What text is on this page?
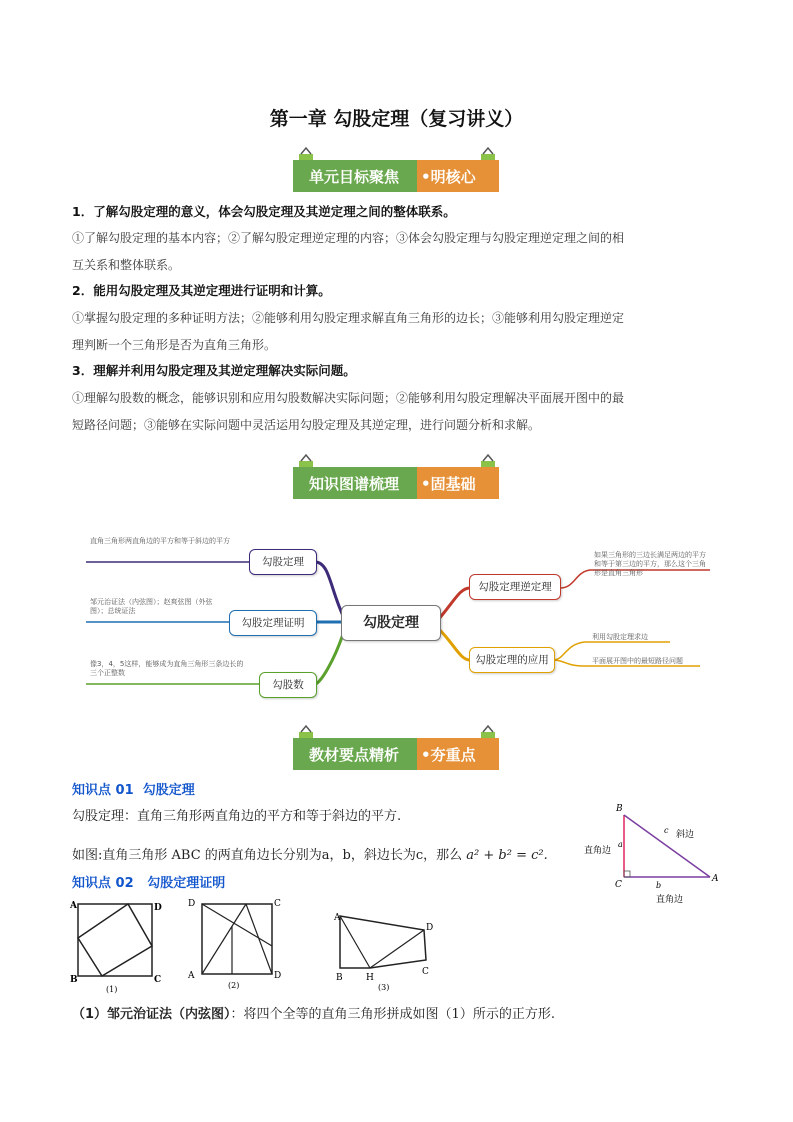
第一章 勾股定理（复习讲义）
单元目标聚焦 •明核心
1．了解勾股定理的意义，体会勾股定理及其逆定理之间的整体联系。
①了解勾股定理的基本内容；②了解勾股定理逆定理的内容；③体会勾股定理与勾股定理逆定理之间的相
互关系和整体联系。
2．能用勾股定理及其逆定理进行证明和计算。
①掌握勾股定理的多种证明方法；②能够利用勾股定理求解直角三角形的边长；③能够利用勾股定理逆定
理判断一个三角形是否为直角三角形。
3．理解并利用勾股定理及其逆定理解决实际问题。
①理解勾股数的概念，能够识别和应用勾股数解决实际问题；②能够利用勾股定理解决平面展开图中的最
短路径问题；③能够在实际问题中灵活运用勾股定理及其逆定理，进行问题分析和求解。
知识图谱梳理 •固基础
勾股定理
勾股定理
勾股定理证明
勾股数
勾股定理逆定理
勾股定理的应用
直角三角形两直角边的平方和等于斜边的平方
邹元治证法（内弦图）；赵爽弦图（外弦图）；总统证法
像3，4，5这样，能够成为直角三角形三条边长的三个正整数
如果三角形的三边长满足两边的平方和等于第三边的平方，那么这个三角形是直角三角形
利用勾股定理求边
平面展开图中的最短路径问题
教材要点精析 •夯重点
知识点 01 勾股定理
勾股定理：直角三角形两直角边的平方和等于斜边的平方.
如图:直角三角形 ABC 的两直角边长分别为a，b，斜边长为c，那么 a² + b² = c².
B
C
A
a
b
c 斜边
直角边
直角边
知识点 02 勾股定理证明
A	D
B	C
(1)
D	C
A	D
(2)
A
D
B	H
C
(3)
（1）邹元治证法（内弦图）：将四个全等的直角三角形拼成如图（1）所示的正方形.
